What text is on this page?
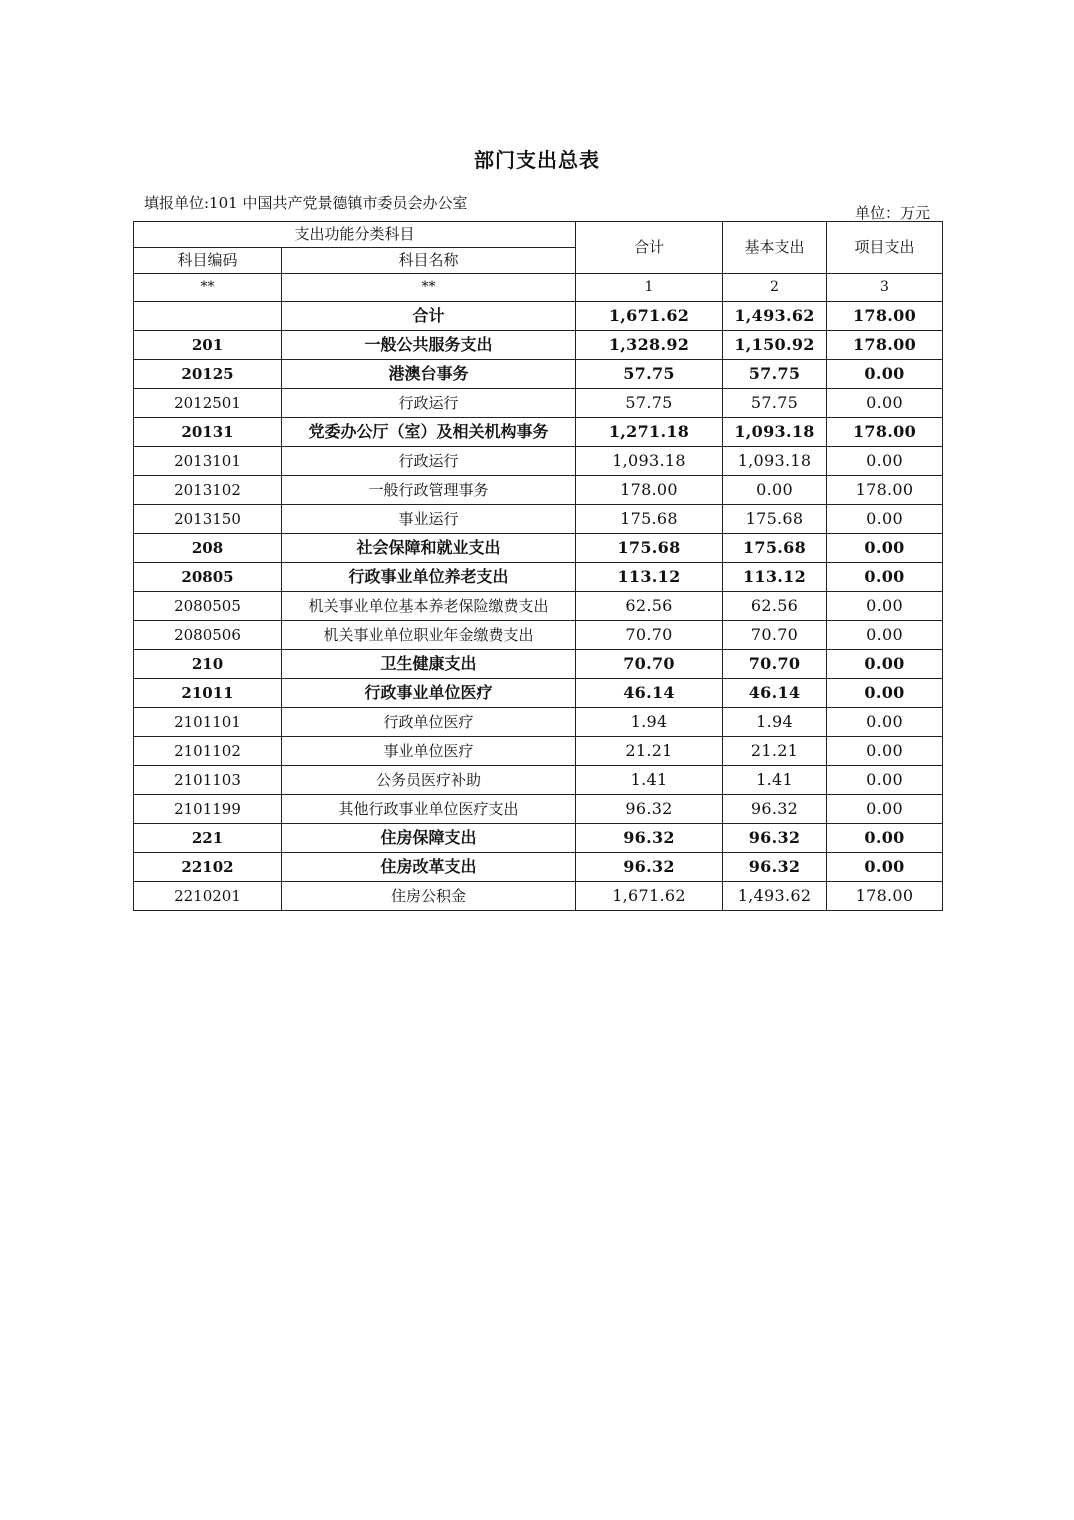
部门支出总表
填报单位:101 中国共产党景德镇市委员会办公室
单位：万元
支出功能分类科目		合计	基本支出	项目支出
科目编码	科目名称			
**	**	1	2	3
	合计	1,671.62	1,493.62	178.00
201	一般公共服务支出	1,328.92	1,150.92	178.00
20125	港澳台事务	57.75	57.75	0.00
2012501	行政运行	57.75	57.75	0.00
20131	党委办公厅（室）及相关机构事务	1,271.18	1,093.18	178.00
2013101	行政运行	1,093.18	1,093.18	0.00
2013102	一般行政管理事务	178.00	0.00	178.00
2013150	事业运行	175.68	175.68	0.00
208	社会保障和就业支出	175.68	175.68	0.00
20805	行政事业单位养老支出	113.12	113.12	0.00
2080505	机关事业单位基本养老保险缴费支出	62.56	62.56	0.00
2080506	机关事业单位职业年金缴费支出	70.70	70.70	0.00
210	卫生健康支出	70.70	70.70	0.00
21011	行政事业单位医疗	46.14	46.14	0.00
2101101	行政单位医疗	1.94	1.94	0.00
2101102	事业单位医疗	21.21	21.21	0.00
2101103	公务员医疗补助	1.41	1.41	0.00
2101199	其他行政事业单位医疗支出	96.32	96.32	0.00
221	住房保障支出	96.32	96.32	0.00
22102	住房改革支出	96.32	96.32	0.00
2210201	住房公积金	1,671.62	1,493.62	178.00
